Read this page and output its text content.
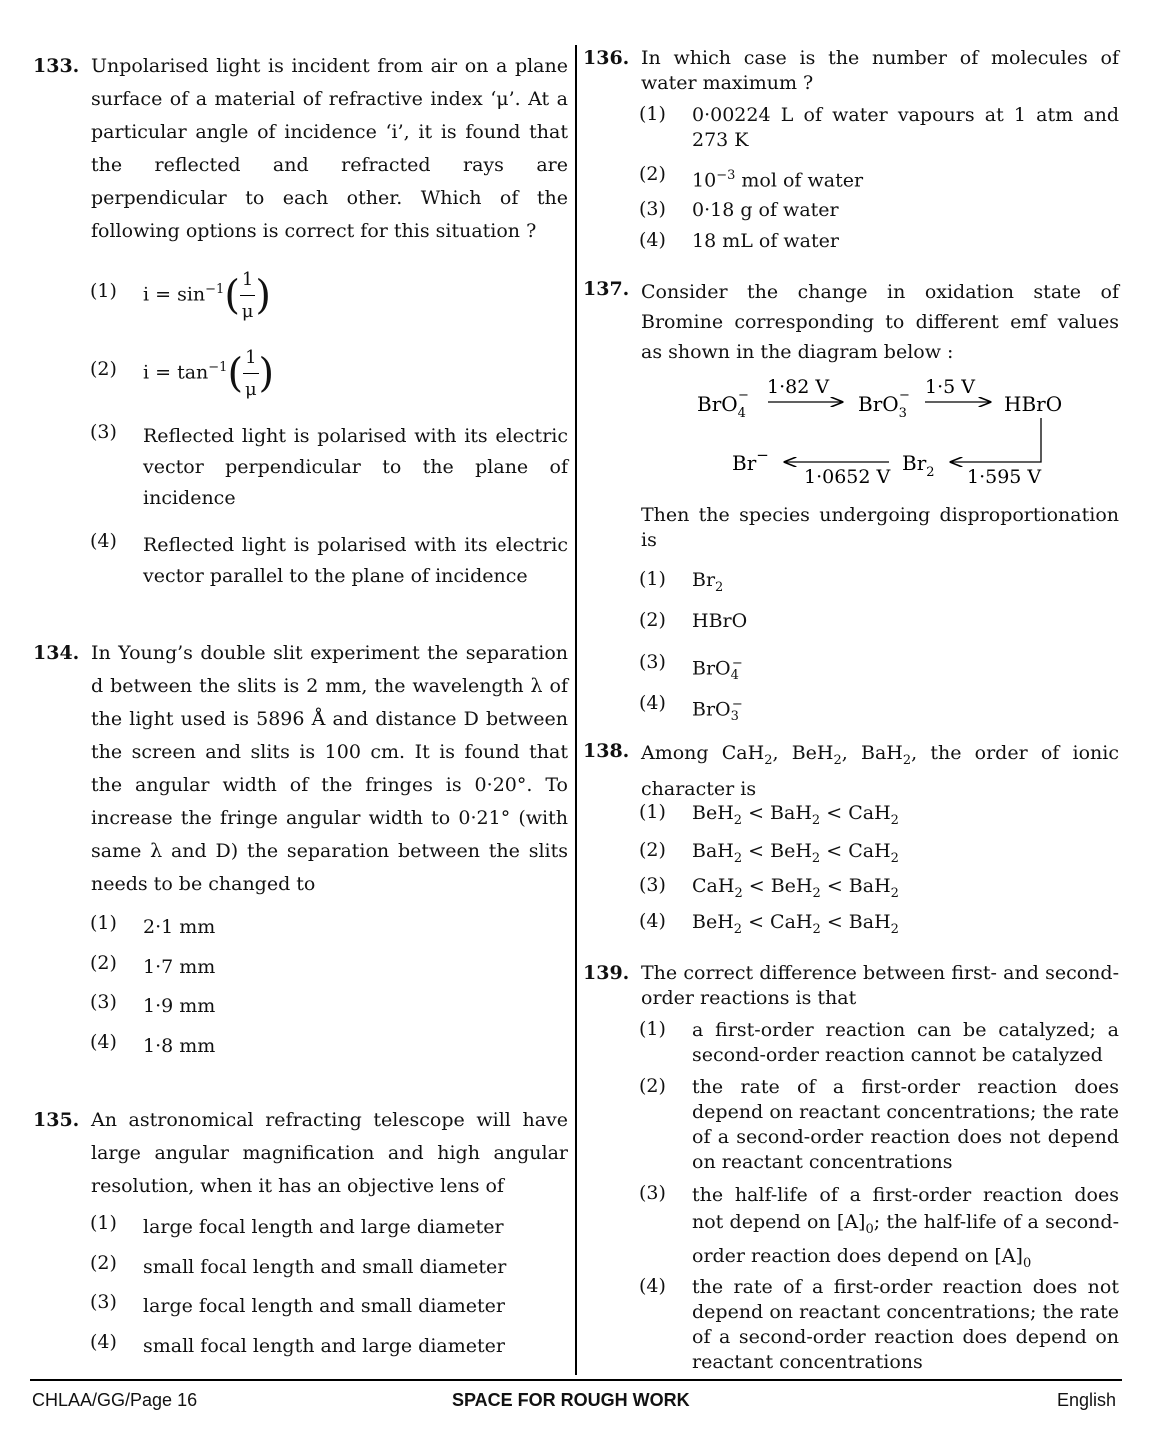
133. Unpolarised light is incident from air on a plane surface of a material of refractive index ‘μ’. At a particular angle of incidence ‘i’, it is found that the reflected and refracted rays are perpendicular to each other. Which of the following options is correct for this situation ?
(1) $i = \sin^{-1}( \frac{1}{\mu}$ )
(2) $i = \tan^{-1}( \frac{1}{\mu}$ )
(3) Reflected light is polarised with its electric vector perpendicular to the plane of incidence
(4) Reflected light is polarised with its electric vector parallel to the plane of incidence
134. In Young’s double slit experiment the separation d between the slits is 2 mm, the wavelength λ of the light used is 5896 Å and distance D between the screen and slits is 100 cm. It is found that the angular width of the fringes is 0·20°. To increase the fringe angular width to 0·21° (with same λ and D) the separation between the slits needs to be changed to
(1) 2·1 mm
(2) 1·7 mm
(3) 1·9 mm
(4) 1·8 mm
135. An astronomical refracting telescope will have large angular magnification and high angular resolution, when it has an objective lens of
(1) large focal length and large diameter
(2) small focal length and small diameter
(3) large focal length and small diameter
(4) small focal length and large diameter
136. In which case is the number of molecules of water maximum ?
(1) 0·00224 L of water vapours at 1 atm and 273 K
(2) $10^{-3}$ mol of water
(3) 0·18 g of water
(4) 18 mL of water
137. Consider the change in oxidation state of Bromine corresponding to different emf values as shown in the diagram below :
BrO$_4$− 1·82 V
BrO$_3$− 1·5 V
HBrO
1·595 V
$Br_2$
1·0652 V
Br−
Then the species undergoing disproportionation is
(1) $Br_2$
(2) HBrO
(3) BrO$_4$−
(4) BrO$_3$−
138. Among CaH$_2$, BeH$_2$, BaH$_2$, the order of ionic character is
(1) BeH$_2$ < BaH$_2$ < CaH$_2$
(2) BaH$_2$ < BeH$_2$ < CaH$_2$
(3) CaH$_2$ < BeH$_2$ < BaH$_2$
(4) BeH$_2$ < CaH$_2$ < BaH$_2$
139. The correct difference between first- and second-order reactions is that
(1) a first-order reaction can be catalyzed; a second-order reaction cannot be catalyzed
(2) the rate of a first-order reaction does depend on reactant concentrations; the rate of a second-order reaction does not depend on reactant concentrations
(3) the half-life of a first-order reaction does not depend on $[A]_0$; the half-life of a second-order reaction does depend on $[A]_0$
(4) the rate of a first-order reaction does not depend on reactant concentrations; the rate of a second-order reaction does depend on reactant concentrations
CHLAA/GG/Page 16	SPACE FOR ROUGH WORK	English
